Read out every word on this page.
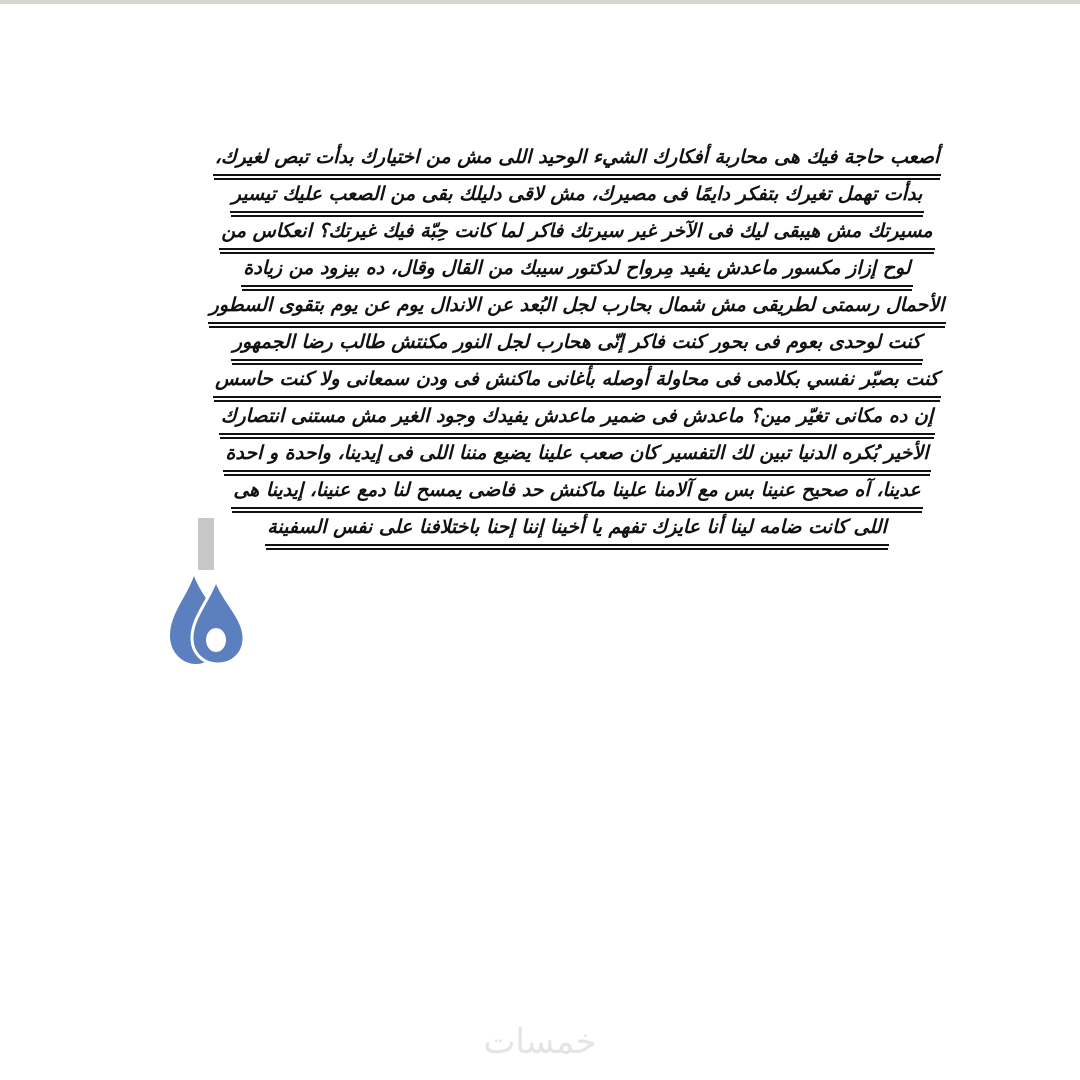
أصعب حاجة فيك هى محاربة أفكارك الشيء الوحيد اللى مش من اختيارك بدأت تبص لغيرك،
بدأت تهمل تغيرك بتفكر دايمًا فى مصيرك، مش لاقى دليلك بقى من الصعب عليك تيسير
مسيرتك مش هيبقى ليك فى الآخر غير سيرتك فاكر لما كانت حِبّة فيك غيرتك؟ انعكاس من
لوح إزاز مكسور ماعدش يفيد مِرواح لدكتور سيبك من القال وقال، ده بيزود من زيادة
الأحمال رسمتى لطريقى مش شمال بحارب لجل البُعد عن الاندال يوم عن يوم بتقوى السطور
كنت لوحدى بعوم فى بحور كنت فاكر إنّى هحارب لجل النور مكنتش طالب رضا الجمهور
كنت بصبّر نفسي بكلامى فى محاولة أوصله بأغانى ماكنش فى ودن سمعانى ولا كنت حاسس
إن ده مكانى تغيّر مين؟ ماعدش فى ضمير ماعدش يفيدك وجود الغير مش مستنى انتصارك
الأخير بُكره الدنيا تبين لك التفسير كان صعب علينا يضيع مننا اللى فى إيدينا، واحدة و احدة
عدينا، آه صحيح عنينا بس مع آلامنا علينا ماكنش حد فاضى يمسح لنا دمع عنينا، إيدينا هى
اللى كانت ضامه لينا أنا عايزك تفهم يا أخينا إننا إحنا باختلافنا على نفس السفينة
خمسات
